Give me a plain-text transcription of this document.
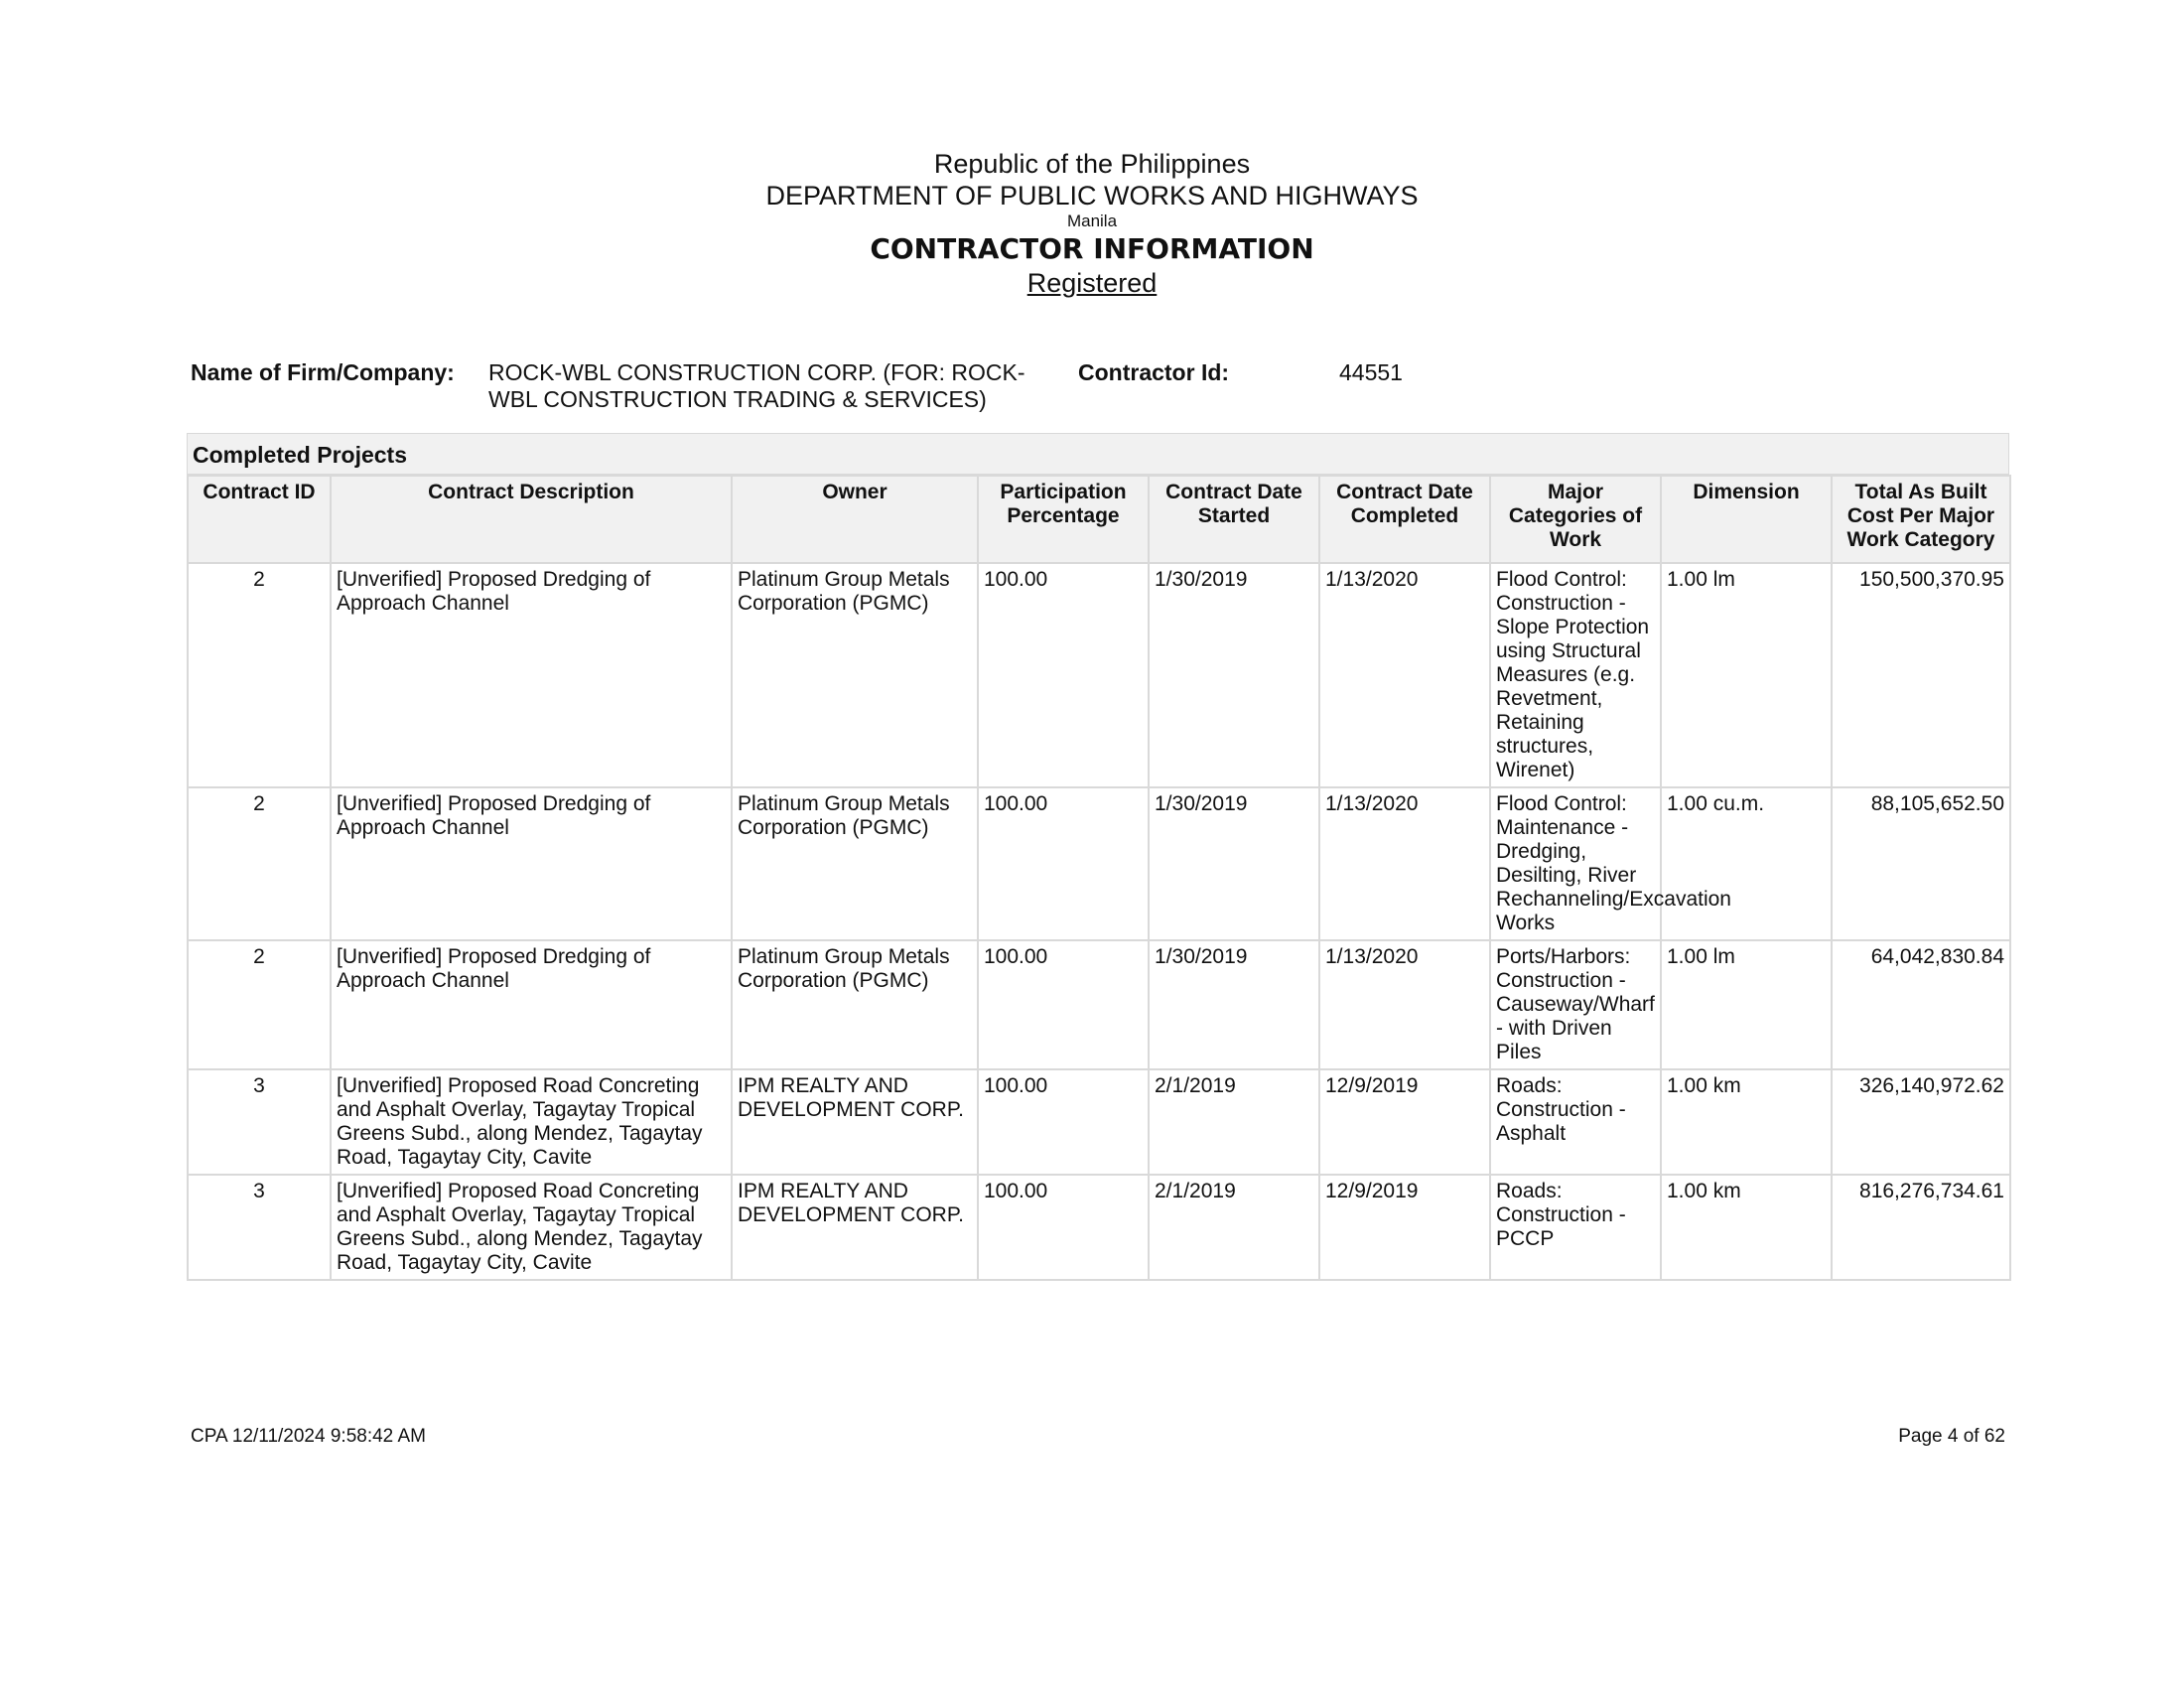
Republic of the Philippines
DEPARTMENT OF PUBLIC WORKS AND HIGHWAYS
Manila
CONTRACTOR INFORMATION
Registered
Name of Firm/Company: ROCK-WBL CONSTRUCTION CORP. (FOR: ROCK-WBL CONSTRUCTION TRADING & SERVICES)
Contractor Id:	44551
Completed Projects
Contract ID	Contract Description	Owner	Participation Percentage	Contract Date Started	Contract Date Completed	Major Categories of Work	Dimension	Total As Built Cost Per Major Work Category
2	[Unverified] Proposed Dredging of Approach Channel	Platinum Group Metals Corporation (PGMC)	100.00	1/30/2019	1/13/2020	Flood Control: Construction - Slope Protection using Structural Measures (e.g. Revetment, Retaining structures, Wirenet)	1.00 lm	150,500,370.95
2	[Unverified] Proposed Dredging of Approach Channel	Platinum Group Metals Corporation (PGMC)	100.00	1/30/2019	1/13/2020	Flood Control: Maintenance - Dredging, Desilting, River Rechanneling/Excavation Works	1.00 cu.m.	88,105,652.50
2	[Unverified] Proposed Dredging of Approach Channel	Platinum Group Metals Corporation (PGMC)	100.00	1/30/2019	1/13/2020	Ports/Harbors: Construction - Causeway/Wharf - with Driven Piles	1.00 lm	64,042,830.84
3	[Unverified] Proposed Road Concreting and Asphalt Overlay, Tagaytay Tropical Greens Subd., along Mendez, Tagaytay Road, Tagaytay City, Cavite	IPM REALTY AND DEVELOPMENT CORP.	100.00	2/1/2019	12/9/2019	Roads: Construction - Asphalt	1.00 km	326,140,972.62
3	[Unverified] Proposed Road Concreting and Asphalt Overlay, Tagaytay Tropical Greens Subd., along Mendez, Tagaytay Road, Tagaytay City, Cavite	IPM REALTY AND DEVELOPMENT CORP.	100.00	2/1/2019	12/9/2019	Roads: Construction - PCCP	1.00 km	816,276,734.61
CPA 12/11/2024 9:58:42 AM	Page 4 of 62
